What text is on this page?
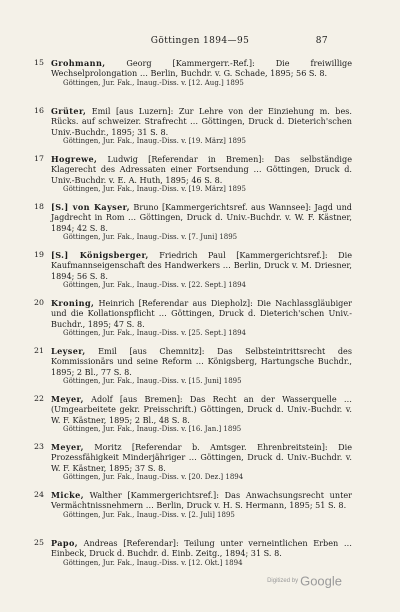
Göttingen 1894—95	87
15 Grohmann, Georg [Kammergerr.-Ref.]: Die freiwillige Wechselprolongation … Berlin, Buchdr. v. G. Schade, 1895; 56 S. 8.
Göttingen, Jur. Fak., Inaug.-Diss. v. [12. Aug.] 1895
16 Grüter, Emil [aus Luzern]: Zur Lehre von der Einziehung m. bes. Rücks. auf schweizer. Strafrecht … Göttingen, Druck d. Dieterich'schen Univ.-Buchdr., 1895; 31 S. 8.
Göttingen, Jur. Fak., Inaug.-Diss. v. [19. März] 1895
17 Hogrewe, Ludwig [Referendar in Bremen]: Das selbständige Klagerecht des Adressaten einer Fortsendung … Göttingen, Druck d. Univ.-Buchdr. v. E. A. Huth, 1895; 46 S. 8.
Göttingen, Jur. Fak., Inaug.-Diss. v. [19. März] 1895
18 [S.] von Kayser, Bruno [Kammergerichtsref. aus Wannsee]: Jagd und Jagdrecht in Rom … Göttingen, Druck d. Univ.-Buchdr. v. W. F. Kästner, 1894; 42 S. 8.
Göttingen, Jur. Fak., Inaug.-Diss. v. [7. Juni] 1895
19 [S.] Königsberger, Friedrich Paul [Kammergerichtsref.]: Die Kaufmannseigenschaft des Handwerkers … Berlin, Druck v. M. Driesner, 1894; 56 S. 8.
Göttingen, Jur. Fak., Inaug.-Diss. v. [22. Sept.] 1894
20 Kroning, Heinrich [Referendar aus Diepholz]: Die Nachlassgläubiger und die Kollationspflicht … Göttingen, Druck d. Dieterich'schen Univ.-Buchdr., 1895; 47 S. 8.
Göttingen, Jur. Fak., Inaug.-Diss. v. [25. Sept.] 1894
21 Leyser, Emil [aus Chemnitz]: Das Selbsteintrittsrecht des Kommissionärs und seine Reform … Königsberg, Hartungsche Buchdr., 1895; 2 Bl., 77 S. 8.
Göttingen, Jur. Fak., Inaug.-Diss. v. [15. Juni] 1895
22 Meyer, Adolf [aus Bremen]: Das Recht an der Wasserquelle … (Umgearbeitete gekr. Preisschrift.) Göttingen, Druck d. Univ.-Buchdr. v. W. F. Kästner, 1895; 2 Bl., 48 S. 8.
Göttingen, Jur. Fak., Inaug.-Diss. v. [16. Jan.] 1895
23 Meyer, Moritz [Referendar b. Amtsger. Ehrenbreitstein]: Die Prozessfähigkeit Minderjähriger … Göttingen, Druck d. Univ.-Buchdr. v. W. F. Kästner, 1895; 37 S. 8.
Göttingen, Jur. Fak., Inaug.-Diss. v. [20. Dez.] 1894
24 Micke, Walther [Kammergerichtsref.]: Das Anwachsungsrecht unter Vermächtnissnehmern … Berlin, Druck v. H. S. Hermann, 1895; 51 S. 8.
Göttingen, Jur. Fak., Inaug.-Diss. v. [2. Juli] 1895
25 Papo, Andreas [Referendar]: Teilung unter verneintlichen Erben … Einbeck, Druck d. Buchdr. d. Einb. Zeitg., 1894; 31 S. 8.
Göttingen, Jur. Fak., Inaug.-Diss. v. [12. Okt.] 1894
Digitized by Google
